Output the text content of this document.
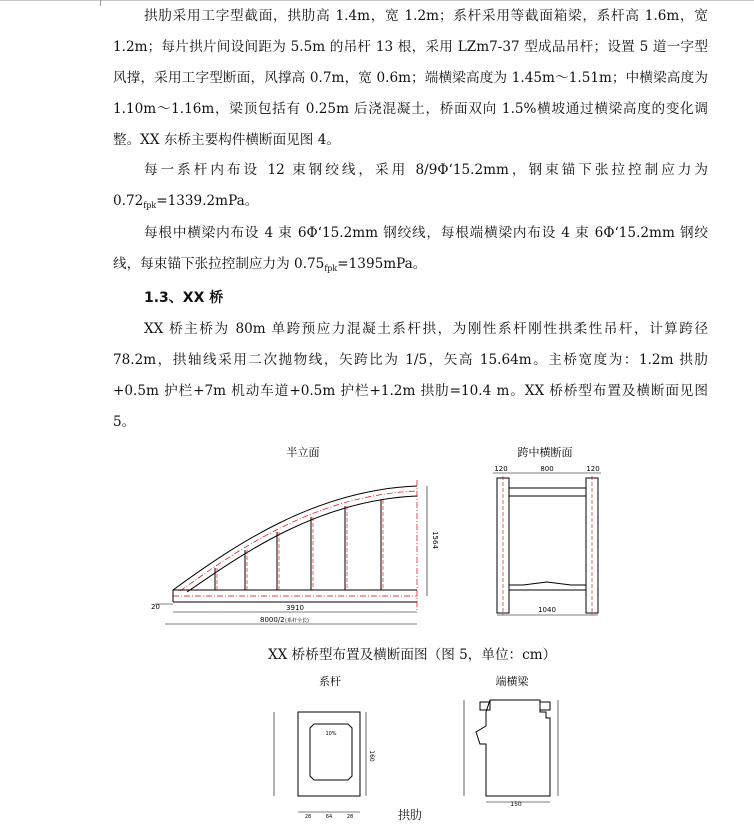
拱肋采用工字型截面，拱肋高 1.4m，宽 1.2m；系杆采用等截面箱梁，系杆高 1.6m，宽 1.2m；每片拱片间设间距为 5.5m 的吊杆 13 根，采用 LZm7-37 型成品吊杆；设置 5 道一字型风撑，采用工字型断面，风撑高 0.7m，宽 0.6m；端横梁高度为 1.45m～1.51m；中横梁高度为 1.10m～1.16m，梁顶包括有 0.25m 后浇混凝土，桥面双向 1.5%横坡通过横梁高度的变化调整。XX 东桥主要构件横断面见图 4。

每一系杆内布设 12 束钢绞线，采用 8/9Φ‘15.2mm，钢束锚下张拉控制应力为 $0.72_{fpk}=1339.2mPa$。

每根中横梁内布设 4 束 6Φ‘15.2mm 钢绞线，每根端横梁内布设 4 束 6Φ‘15.2mm 钢绞线，每束锚下张拉控制应力为 $0.75_{fpk}=1395mPa$。

1.3、XX 桥

XX 桥主桥为 80m 单跨预应力混凝土系杆拱，为刚性系杆刚性拱柔性吊杆，计算跨径 78.2m，拱轴线采用二次抛物线，矢跨比为 1/5，矢高 15.64m。主桥宽度为：1.2m 拱肋 +0.5m 护栏+7m 机动车道+0.5m 护栏+1.2m 拱肋=10.4 m。XX 桥桥型布置及横断面见图 5。

半立面
1564
3910
8000/2 (系杆全长)
20
跨中横断面
120	800	120
1040
XX 桥桥型布置及横断面图（图 5，单位：cm）
系杆
10%
160
28	64	28
端横梁
150
拱肋
